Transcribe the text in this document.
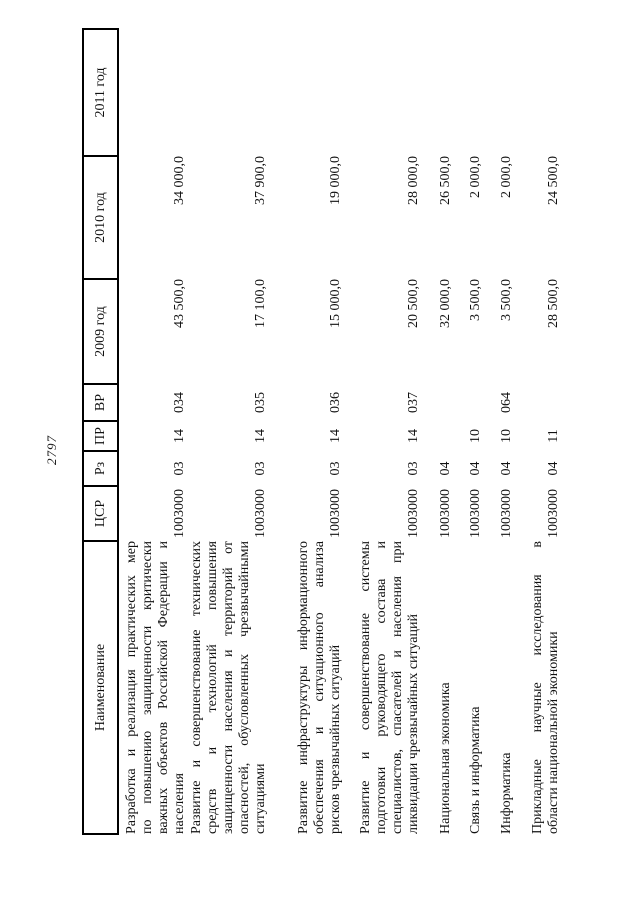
2797
Наименование	ЦСР	Рз	ПР	ВР	2009 год	2010 год	2011 год

Разработка и реализация практических мер по повышению защищенности критически важных объектов Российской Федерации и населения	1003000	03	14	034	43 500,0	34 000,0	

Развитие и совершенствование технических средств и технологий повышения защищенности населения и территорий от опасностей, обусловленных чрезвычайными ситуациями	1003000	03	14	035	17 100,0	37 900,0	

Развитие инфраструктуры информационного обеспечения и ситуационного анализа рисков чрезвычайных ситуаций	1003000	03	14	036	15 000,0	19 000,0	

Развитие и совершенствование системы подготовки руководящего состава и специалистов, спасателей и населения при ликвидации чрезвычайных ситуаций	1003000	03	14	037	20 500,0	28 000,0	

Национальная экономика	1003000	04			32 000,0	26 500,0	

Связь и информатика	1003000	04	10		3 500,0	2 000,0	

Информатика	1003000	04	10	064	3 500,0	2 000,0	

Прикладные научные исследования в области национальной экономики	1003000	04	11		28 500,0	24 500,0	
